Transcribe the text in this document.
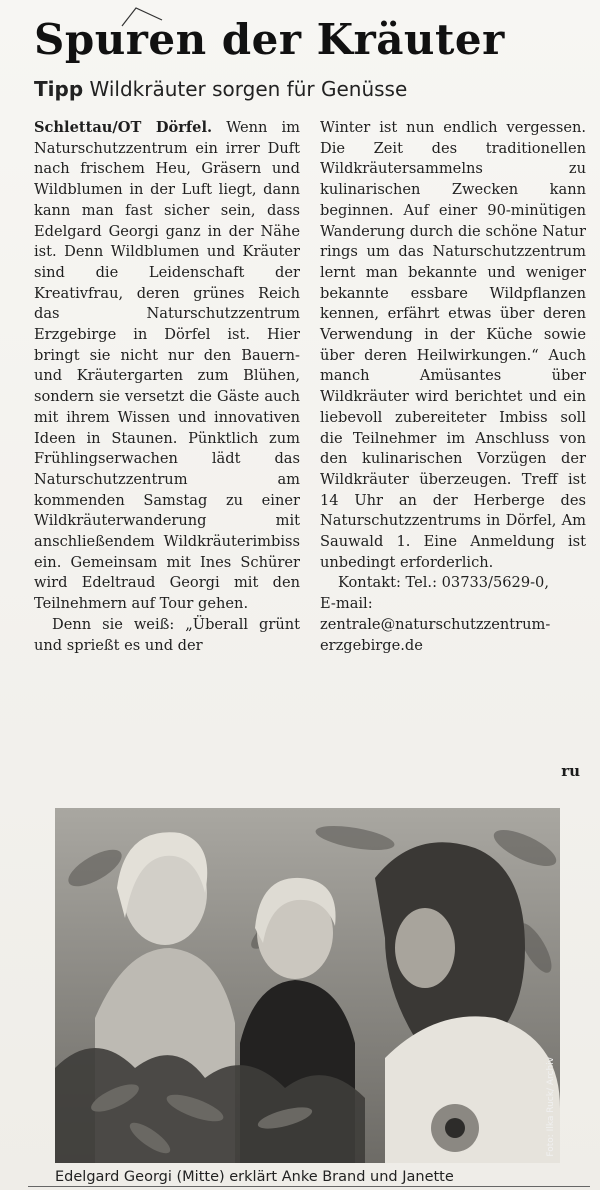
Spuren der Kräuter
Tipp Wildkräuter sorgen für Genüsse

Schlettau/OT Dörfel. Wenn im Naturschutzzentrum ein irrer Duft nach frischem Heu, Gräsern und Wildblumen in der Luft liegt, dann kann man fast sicher sein, dass Edelgard Georgi ganz in der Nähe ist. Denn Wildblumen und Kräuter sind die Leidenschaft der Kreativfrau, deren grünes Reich das Naturschutzzentrum Erzgebirge in Dörfel ist. Hier bringt sie nicht nur den Bauern- und Kräutergarten zum Blühen, sondern sie versetzt die Gäste auch mit ihrem Wissen und innovativen Ideen in Staunen. Pünktlich zum Frühlingserwachen lädt das Naturschutzzentrum am kommenden Samstag zu einer Wildkräuterwanderung mit anschließendem Wildkräuterimbiss ein. Gemeinsam mit Ines Schürer wird Edeltraud Georgi mit den Teilnehmern auf Tour gehen.

Denn sie weiß: „Überall grünt und sprießt es und der

Winter ist nun endlich vergessen. Die Zeit des traditionellen Wildkräutersammelns zu kulinarischen Zwecken kann beginnen. Auf einer 90-minütigen Wanderung durch die schöne Natur rings um das Naturschutzzentrum lernt man bekannte und weniger bekannte essbare Wildpflanzen kennen, erfährt etwas über deren Verwendung in der Küche sowie über deren Heilwirkungen.“ Auch manch Amüsantes über Wildkräuter wird berichtet und ein liebevoll zubereiteter Imbiss soll die Teilnehmer im Anschluss von den kulinarischen Vorzügen der Wildkräuter überzeugen. Treff ist 14 Uhr an der Herberge des Naturschutzzentrums in Dörfel, Am Sauwald 1. Eine Anmeldung ist unbedingt erforderlich.

Kontakt: Tel.: 03733/5629-0,

E-mail: zentrale@naturschutzzentrum-erzgebirge.de

ru
Foto: Ilka Ruck/ Archiv
Edelgard Georgi (Mitte) erklärt Anke Brand und Janette
